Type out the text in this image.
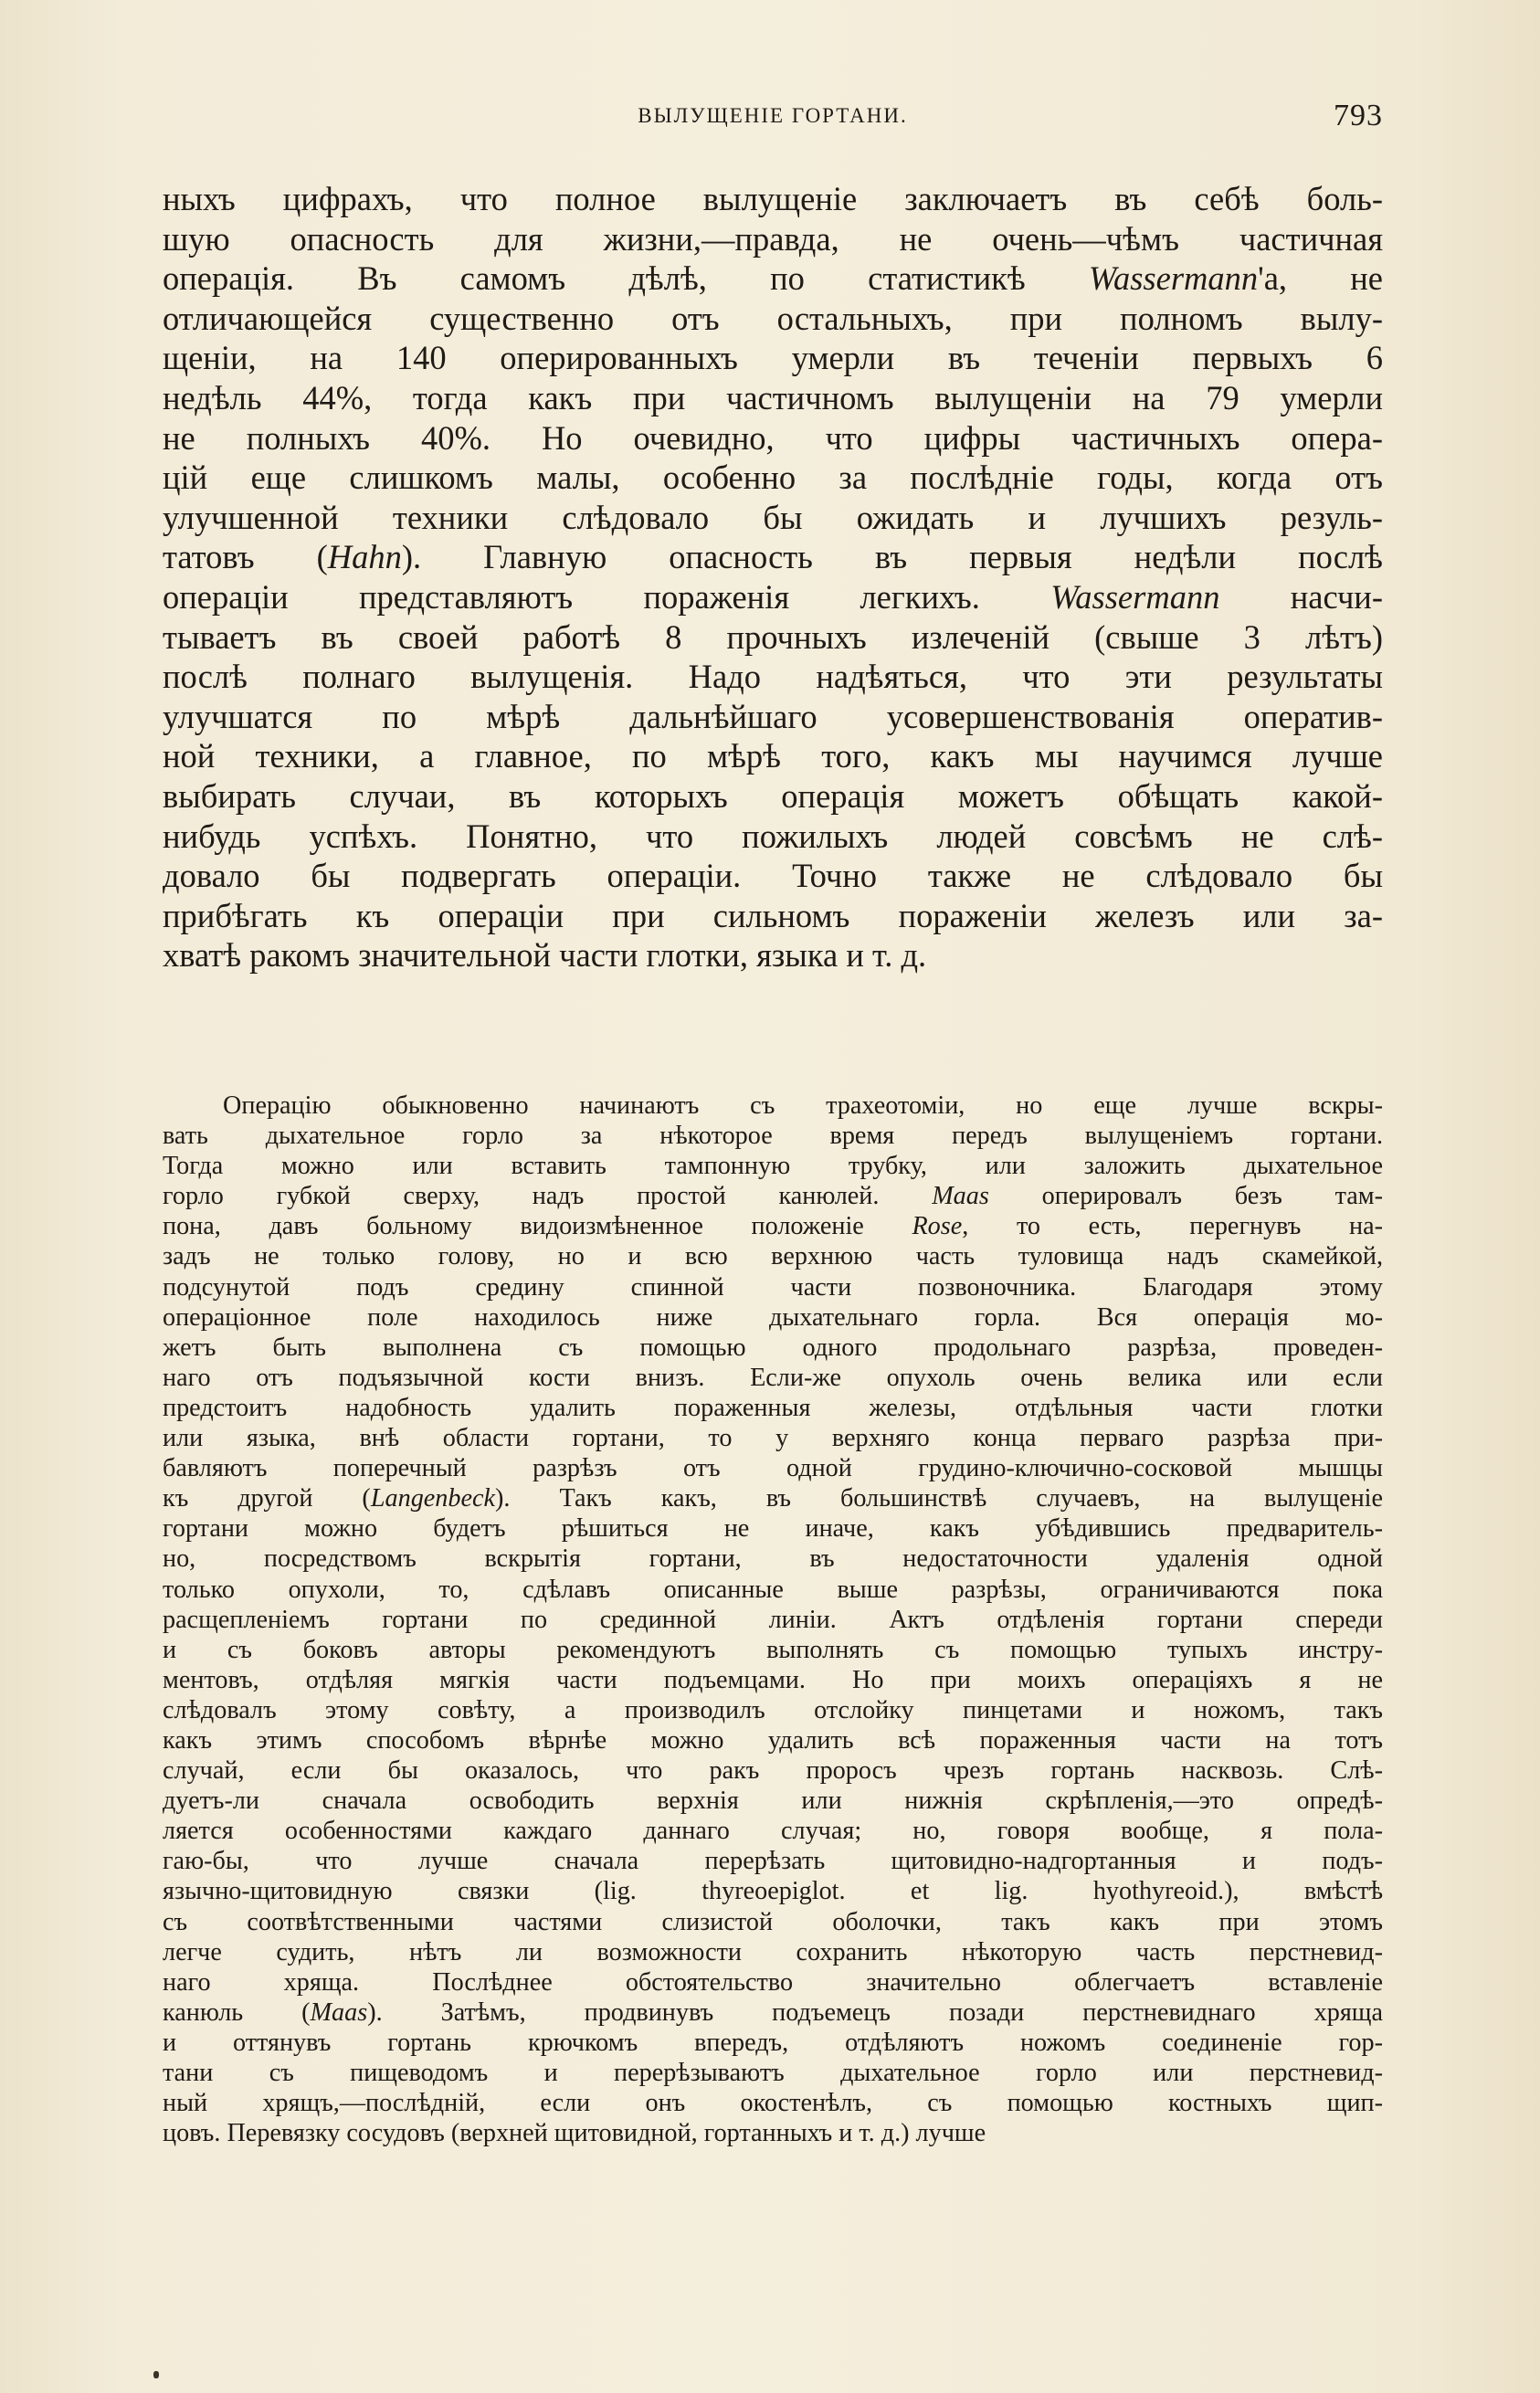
ВЫЛУЩЕНІЕ ГОРТАНИ.	793
ныхъ цифрахъ, что полное вылущеніе заключаетъ въ себѣ боль-
шую опасность для жизни,—правда, не очень—чѣмъ частичная
операція. Въ самомъ дѣлѣ, по статистикѣ Wassermann'а, не
отличающейся существенно отъ остальныхъ, при полномъ вылу-
щеніи, на 140 оперированныхъ умерли въ теченіи первыхъ 6
недѣль 44%, тогда какъ при частичномъ вылущеніи на 79 умерли
не полныхъ 40%. Но очевидно, что цифры частичныхъ опера-
цій еще слишкомъ малы, особенно за послѣдніе годы, когда отъ
улучшенной техники слѣдовало бы ожидать и лучшихъ резуль-
татовъ (Hahn). Главную опасность въ первыя недѣли послѣ
операціи представляютъ пораженія легкихъ. Wassermann насчи-
тываетъ въ своей работѣ 8 прочныхъ излеченій (свыше 3 лѣтъ)
послѣ полнаго вылущенія. Надо надѣяться, что эти результаты
улучшатся по мѣрѣ дальнѣйшаго усовершенствованія оператив-
ной техники, а главное, по мѣрѣ того, какъ мы научимся лучше
выбирать случаи, въ которыхъ операція можетъ обѣщать какой-
нибудь успѣхъ. Понятно, что пожилыхъ людей совсѣмъ не слѣ-
довало бы подвергать операціи. Точно также не слѣдовало бы
прибѣгать къ операціи при сильномъ пораженіи железъ или за-
хватѣ ракомъ значительной части глотки, языка и т. д.
Операцію обыкновенно начинаютъ съ трахеотоміи, но еще лучше вскры-
вать дыхательное горло за нѣкоторое время передъ вылущеніемъ гортани.
Тогда можно или вставить тампонную трубку, или заложить дыхательное
горло губкой сверху, надъ простой канюлей. Maas оперировалъ безъ там-
пона, давъ больному видоизмѣненное положеніе Rose, то есть, перегнувъ на-
задъ не только голову, но и всю верхнюю часть туловища надъ скамейкой,
подсунутой подъ средину спинной части позвоночника. Благодаря этому
операціонное поле находилось ниже дыхательнаго горла. Вся операція мо-
жетъ быть выполнена съ помощью одного продольнаго разрѣза, проведен-
наго отъ подъязычной кости внизъ. Если-же опухоль очень велика или если
предстоитъ надобность удалить пораженныя железы, отдѣльныя части глотки
или языка, внѣ области гортани, то у верхняго конца перваго разрѣза при-
бавляютъ поперечный разрѣзъ отъ одной грудино-ключично-сосковой мышцы
къ другой (Langenbeck). Такъ какъ, въ большинствѣ случаевъ, на вылущеніе
гортани можно будетъ рѣшиться не иначе, какъ убѣдившись предваритель-
но, посредствомъ вскрытія гортани, въ недостаточности удаленія одной
только опухоли, то, сдѣлавъ описанные выше разрѣзы, ограничиваются пока
расщепленіемъ гортани по срединной линіи. Актъ отдѣленія гортани спереди
и съ боковъ авторы рекомендуютъ выполнять съ помощью тупыхъ инстру-
ментовъ, отдѣляя мягкія части подъемцами. Но при моихъ операціяхъ я не
слѣдовалъ этому совѣту, а производилъ отслойку пинцетами и ножомъ, такъ
какъ этимъ способомъ вѣрнѣе можно удалить всѣ пораженныя части на тотъ
случай, если бы оказалось, что ракъ проросъ чрезъ гортань насквозь. Слѣ-
дуетъ-ли сначала освободить верхнія или нижнія скрѣпленія,—это опредѣ-
ляется особенностями каждаго даннаго случая; но, говоря вообще, я пола-
гаю-бы, что лучше сначала перерѣзать щитовидно-надгортанныя и подъ-
язычно-щитовидную связки (lig. thyreoepiglot. et lig. hyothyreoid.), вмѣстѣ
съ соотвѣтственными частями слизистой оболочки, такъ какъ при этомъ
легче судить, нѣтъ ли возможности сохранить нѣкоторую часть перстневид-
наго хряща. Послѣднее обстоятельство значительно облегчаетъ вставленіе
канюль (Maas). Затѣмъ, продвинувъ подъемецъ позади перстневиднаго хряща
и оттянувъ гортань крючкомъ впередъ, отдѣляютъ ножомъ соединеніе гор-
тани съ пищеводомъ и перерѣзываютъ дыхательное горло или перстневид-
ный хрящъ,—послѣдній, если онъ окостенѣлъ, съ помощью костныхъ щип-
цовъ. Перевязку сосудовъ (верхней щитовидной, гортанныхъ и т. д.) лучше
